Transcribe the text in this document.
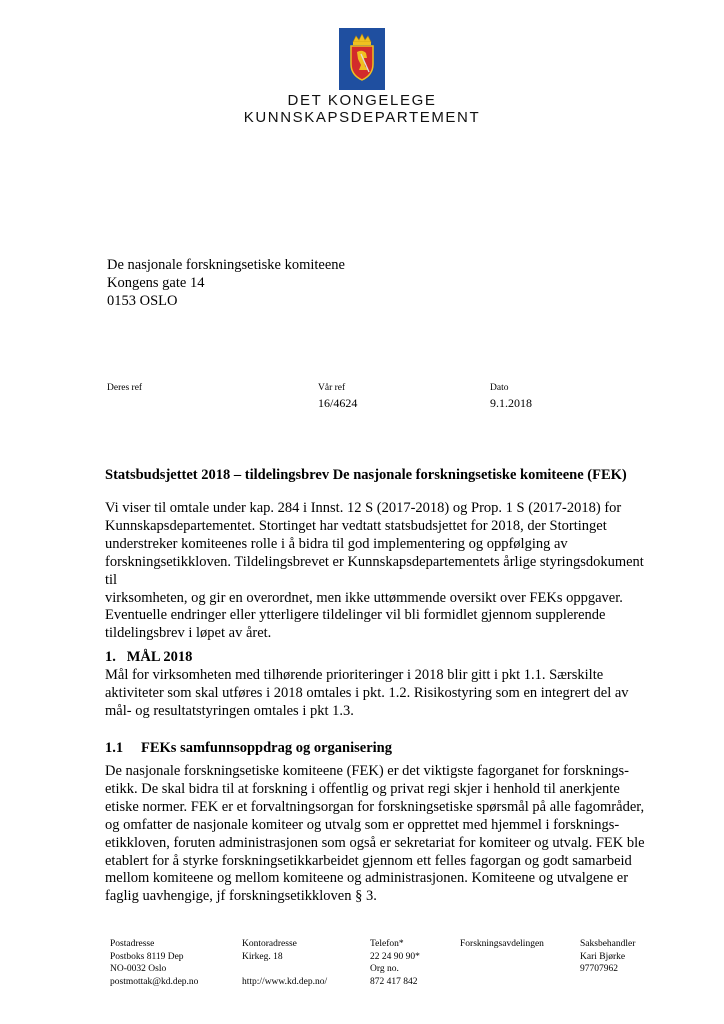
DET KONGELEGE
KUNNSKAPSDEPARTEMENT
De nasjonale forskningsetiske komiteene
Kongens gate 14
0153 OSLO
Deres ref	Vår ref
16/4624
Dato
9.1.2018
Statsbudsjettet 2018 – tildelingsbrev De nasjonale forskningsetiske komiteene (FEK)

Vi viser til omtale under kap. 284 i Innst. 12 S (2017-2018) og Prop. 1 S (2017-2018) for
Kunnskapsdepartementet. Stortinget har vedtatt statsbudsjettet for 2018, der Stortinget
understreker komiteenes rolle i å bidra til god implementering og oppfølging av
forskningsetikkloven. Tildelingsbrevet er Kunnskapsdepartementets årlige styringsdokument til
virksomheten, og gir en overordnet, men ikke uttømmende oversikt over FEKs oppgaver.
Eventuelle endringer eller ytterligere tildelinger vil bli formidlet gjennom supplerende
tildelingsbrev i løpet av året.

1.   MÅL 2018

Mål for virksomheten med tilhørende prioriteringer i 2018 blir gitt i pkt 1.1. Særskilte
aktiviteter som skal utføres i 2018 omtales i pkt. 1.2. Risikostyring som en integrert del av
mål- og resultatstyringen omtales i pkt 1.3.

1.1 FEKs samfunnsoppdrag og organisering

De nasjonale forskningsetiske komiteene (FEK) er det viktigste fagorganet for forsknings-
etikk. De skal bidra til at forskning i offentlig og privat regi skjer i henhold til anerkjente
etiske normer. FEK er et forvaltningsorgan for forskningsetiske spørsmål på alle fagområder,
og omfatter de nasjonale komiteer og utvalg som er opprettet med hjemmel i forsknings-
etikkloven, foruten administrasjonen som også er sekretariat for komiteer og utvalg. FEK ble
etablert for å styrke forskningsetikkarbeidet gjennom ett felles fagorgan og godt samarbeid
mellom komiteene og mellom komiteene og administrasjonen. Komiteene og utvalgene er
faglig uavhengige, jf forskningsetikkloven § 3.

Postadresse
Postboks 8119 Dep
NO-0032 Oslo
postmottak@kd.dep.no
Kontoradresse
Kirkeg. 18

http://www.kd.dep.no/
Telefon*
22 24 90 90*
Org no.
872 417 842
Forskningsavdelingen	Saksbehandler
Kari Bjørke
97707962
